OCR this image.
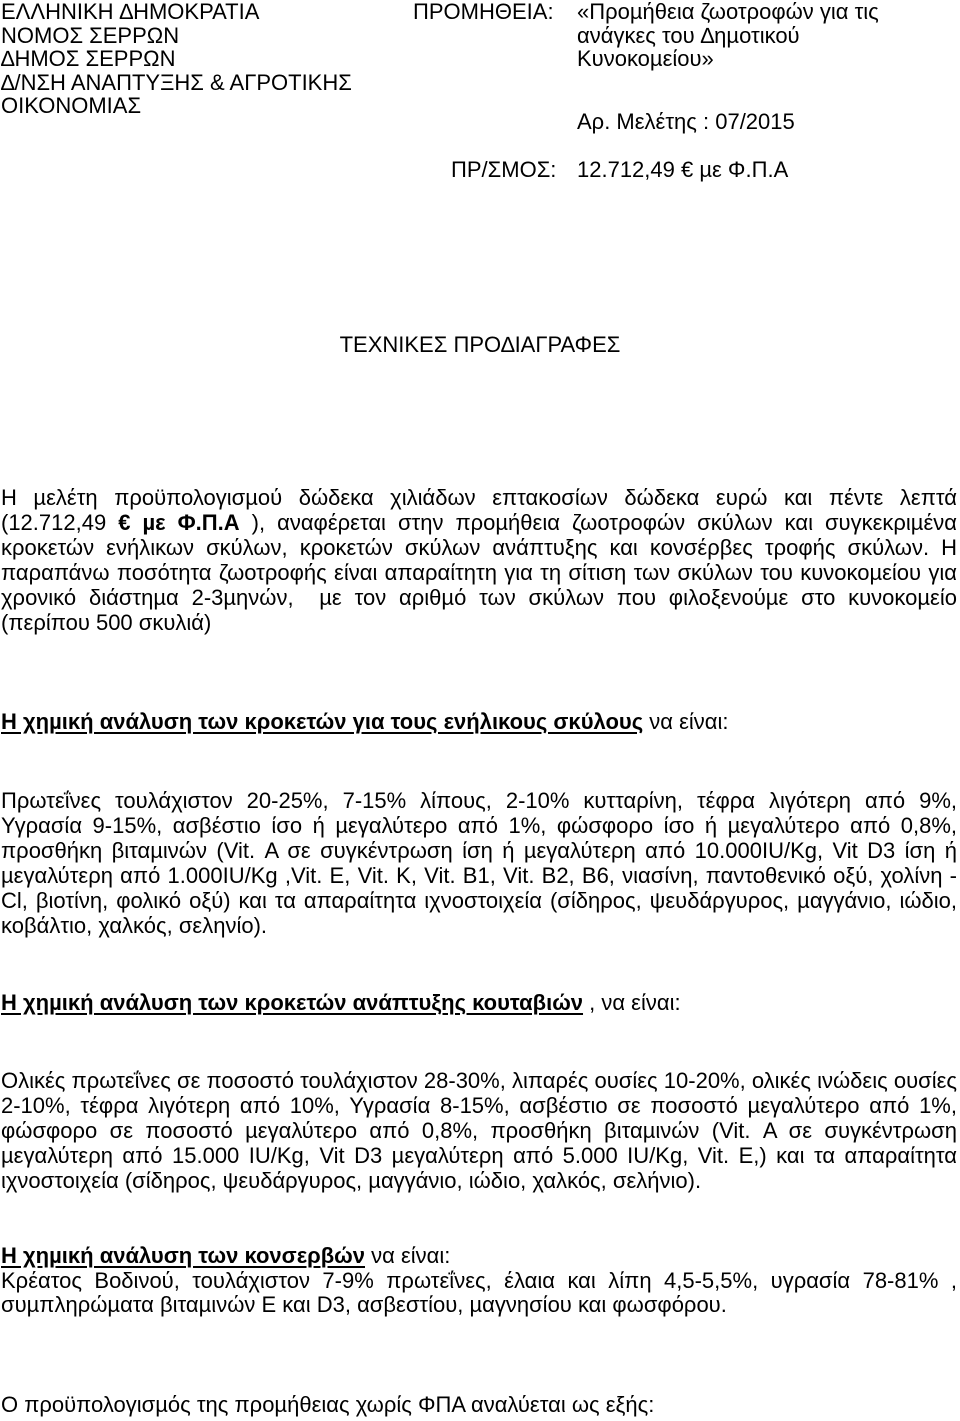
ΕΛΛΗΝΙΚΗ ∆ΗΜΟΚΡΑΤΙΑ
ΝΟΜΟΣ ΣΕΡΡΩΝ
∆ΗΜΟΣ ΣΕΡΡΩΝ
∆/ΝΣΗ ΑΝΑΠΤΥΞΗΣ & ΑΓΡΟΤΙΚΗΣ
ΟΙΚΟΝΟΜΙΑΣ
ΠΡΟΜΗΘΕΙΑ: «Προµήθεια ζωοτροφών για τις
ανάγκες του ∆ηµοτικού
Κυνοκοµείου»
Αρ. Μελέτης : 07/2015
ΠΡ/ΣΜΟΣ: 12.712,49 € µε Φ.Π.Α
ΤΕΧΝΙΚΕΣ ΠΡΟ∆ΙΑΓΡΑΦΕΣ
Η µελέτη προϋπολογισµού δώδεκα χιλιάδων επτακοσίων δώδεκα ευρώ και πέντε λεπτά
(12.712,49 € µε Φ.Π.Α ), αναφέρεται στην προµήθεια ζωοτροφών σκύλων και συγκεκριµένα
κροκετών ενήλικων σκύλων, κροκετών σκύλων ανάπτυξης και κονσέρβες τροφής σκύλων. Η
παραπάνω ποσότητα ζωοτροφής είναι απαραίτητη για τη σίτιση των σκύλων του κυνοκοµείου για
χρονικό διάστηµα 2-3µηνών,  µε τον αριθµό των σκύλων που φιλοξενούµε στο κυνοκοµείο
(περίπου 500 σκυλιά)
Η χηµική ανάλυση των κροκετών για τους ενήλικους σκύλους να είναι:
Πρωτεΐνες τουλάχιστον 20-25%, 7-15% λίπους, 2-10% κυτταρίνη, τέφρα λιγότερη από 9%,
Υγρασία 9-15%, ασβέστιο ίσο ή µεγαλύτερο από 1%, φώσφορο ίσο ή µεγαλύτερο από 0,8%,
προσθήκη βιταµινών (Vit. Α σε συγκέντρωση ίση ή µεγαλύτερη από 10.000IU/Kg, Vit D3 ίση ή
µεγαλύτερη από 1.000IU/Kg ,Vit. Ε, Vit. Κ, Vit. Β1, Vit. Β2, Β6, νιασίνη, παντοθενικό οξύ, χολίνη -
Cl, βιοτίνη, φολικό οξύ) και τα απαραίτητα ιχνοστοιχεία (σίδηρος, ψευδάργυρος, µαγγάνιο, ιώδιο,
κοβάλτιο, χαλκός, σεληνίο).
Η χηµική ανάλυση των κροκετών ανάπτυξης κουταβιών , να είναι:
Ολικές πρωτεΐνες σε ποσοστό τουλάχιστον 28-30%, λιπαρές ουσίες 10-20%, ολικές ινώδεις ουσίες
2-10%, τέφρα λιγότερη από 10%, Υγρασία 8-15%, ασβέστιο σε ποσοστό µεγαλύτερο από 1%,
φώσφορο σε ποσοστό µεγαλύτερο από 0,8%, προσθήκη βιταµινών (Vit. Α σε συγκέντρωση
µεγαλύτερη από 15.000 IU/Kg, Vit D3 µεγαλύτερη από 5.000 IU/Kg, Vit. Ε,) και τα απαραίτητα
ιχνοστοιχεία (σίδηρος, ψευδάργυρος, µαγγάνιο, ιώδιο, χαλκός, σελήνιο).
Η χηµική ανάλυση των κονσερβών να είναι:
Κρέατος Βοδινού, τουλάχιστον 7-9% πρωτεΐνες, έλαια και λίπη 4,5-5,5%, υγρασία 78-81% ,
συµπληρώµατα βιταµινών Ε και D3, ασβεστίου, µαγνησίου και φωσφόρου.
Ο προϋπολογισµός της προµήθειας χωρίς ΦΠΑ αναλύεται ως εξής:
